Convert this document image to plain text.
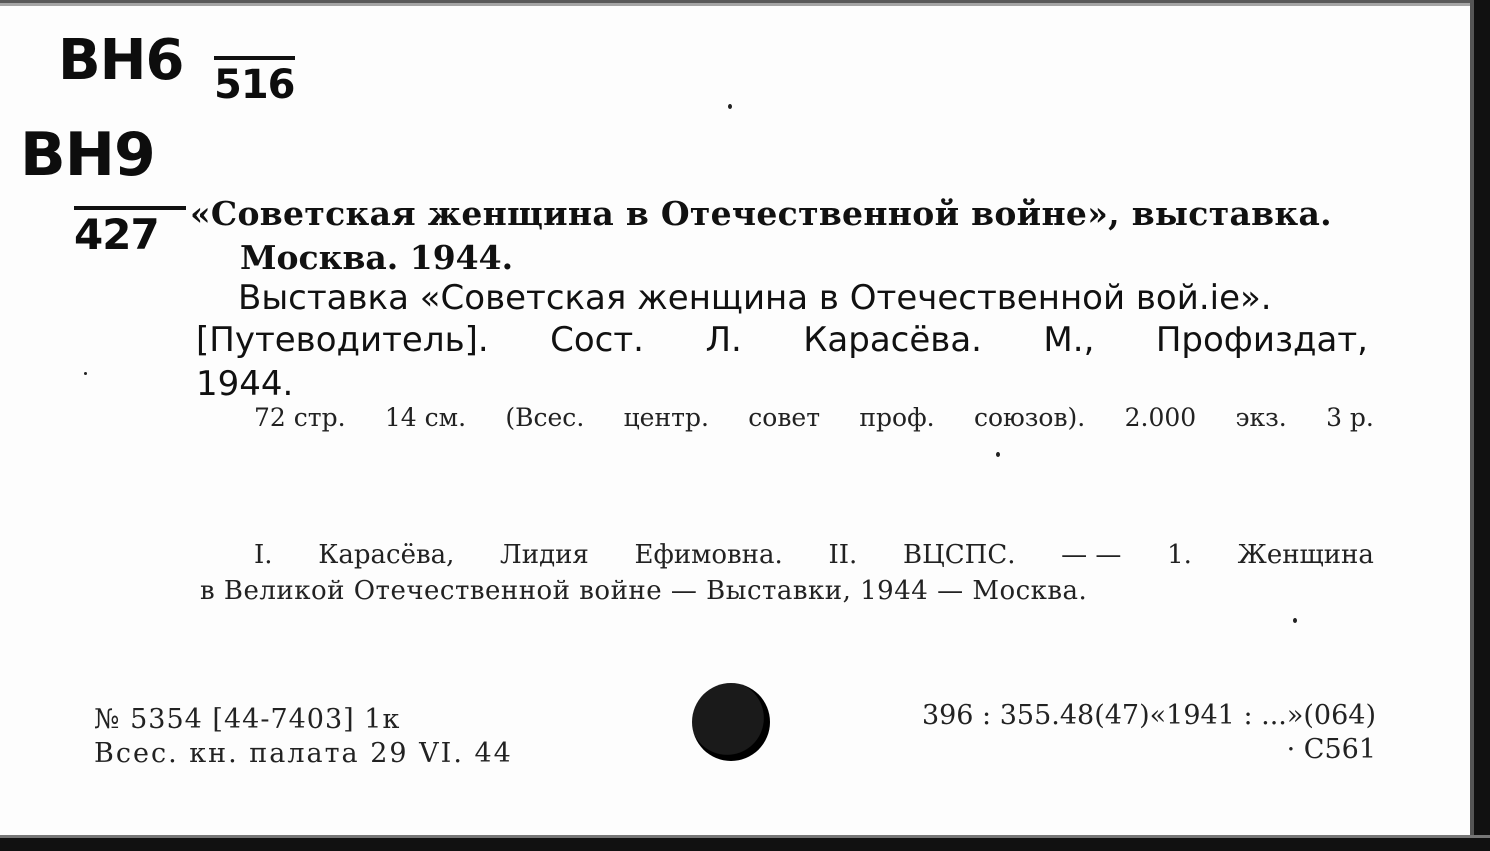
ВН6 516
ВН9
427 «Советская женщина в Отечественной войне», выставка.
Москва. 1944.
Выставка «Советская женщина в Отечественной вой.іе».
[Путеводитель]. Сост. Л. Карасёва. М., Профиздат,
1944.
72 стр. 14 см. (Всес. центр. совет проф. союзов). 2.000 экз. 3 р.
I. Карасёва, Лидия Ефимовна. II. ВЦСПС. — — 1. Женщина
в Великой Отечественной войне — Выставки, 1944 — Москва.
№ 5354 [44-7403] 1к
Всес. кн. палата 29 VI. 44
396 : 355.48(47)«1941 : ...»(064)
· С561
